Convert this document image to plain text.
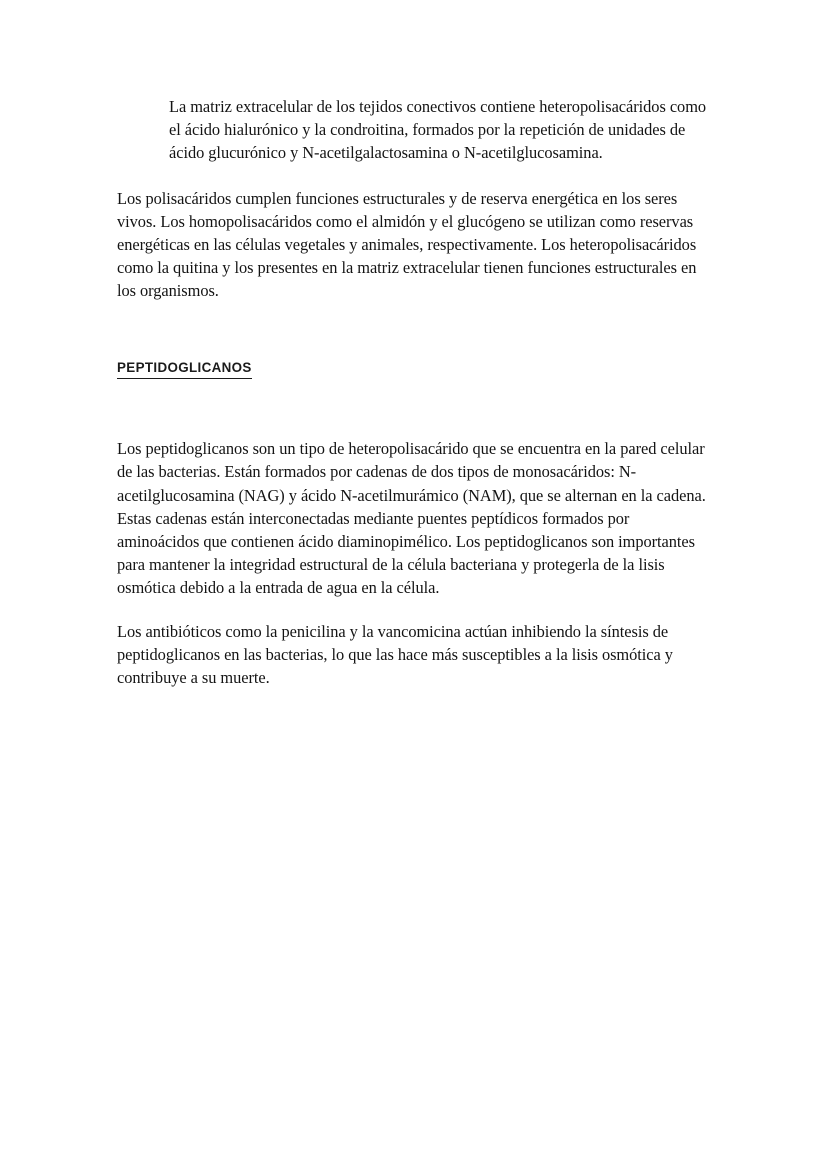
La matriz extracelular de los tejidos conectivos contiene heteropolisacáridos como el ácido hialurónico y la condroitina, formados por la repetición de unidades de ácido glucurónico y N-acetilgalactosamina o N-acetilglucosamina.

Los polisacáridos cumplen funciones estructurales y de reserva energética en los seres vivos. Los homopolisacáridos como el almidón y el glucógeno se utilizan como reservas energéticas en las células vegetales y animales, respectivamente. Los heteropolisacáridos como la quitina y los presentes en la matriz extracelular tienen funciones estructurales en los organismos.

PEPTIDOGLICANOS

Los peptidoglicanos son un tipo de heteropolisacárido que se encuentra en la pared celular de las bacterias. Están formados por cadenas de dos tipos de monosacáridos: N-acetilglucosamina (NAG) y ácido N-acetilmurámico (NAM), que se alternan en la cadena. Estas cadenas están interconectadas mediante puentes peptídicos formados por aminoácidos que contienen ácido diaminopimélico. Los peptidoglicanos son importantes para mantener la integridad estructural de la célula bacteriana y protegerla de la lisis osmótica debido a la entrada de agua en la célula.

Los antibióticos como la penicilina y la vancomicina actúan inhibiendo la síntesis de peptidoglicanos en las bacterias, lo que las hace más susceptibles a la lisis osmótica y contribuye a su muerte.
